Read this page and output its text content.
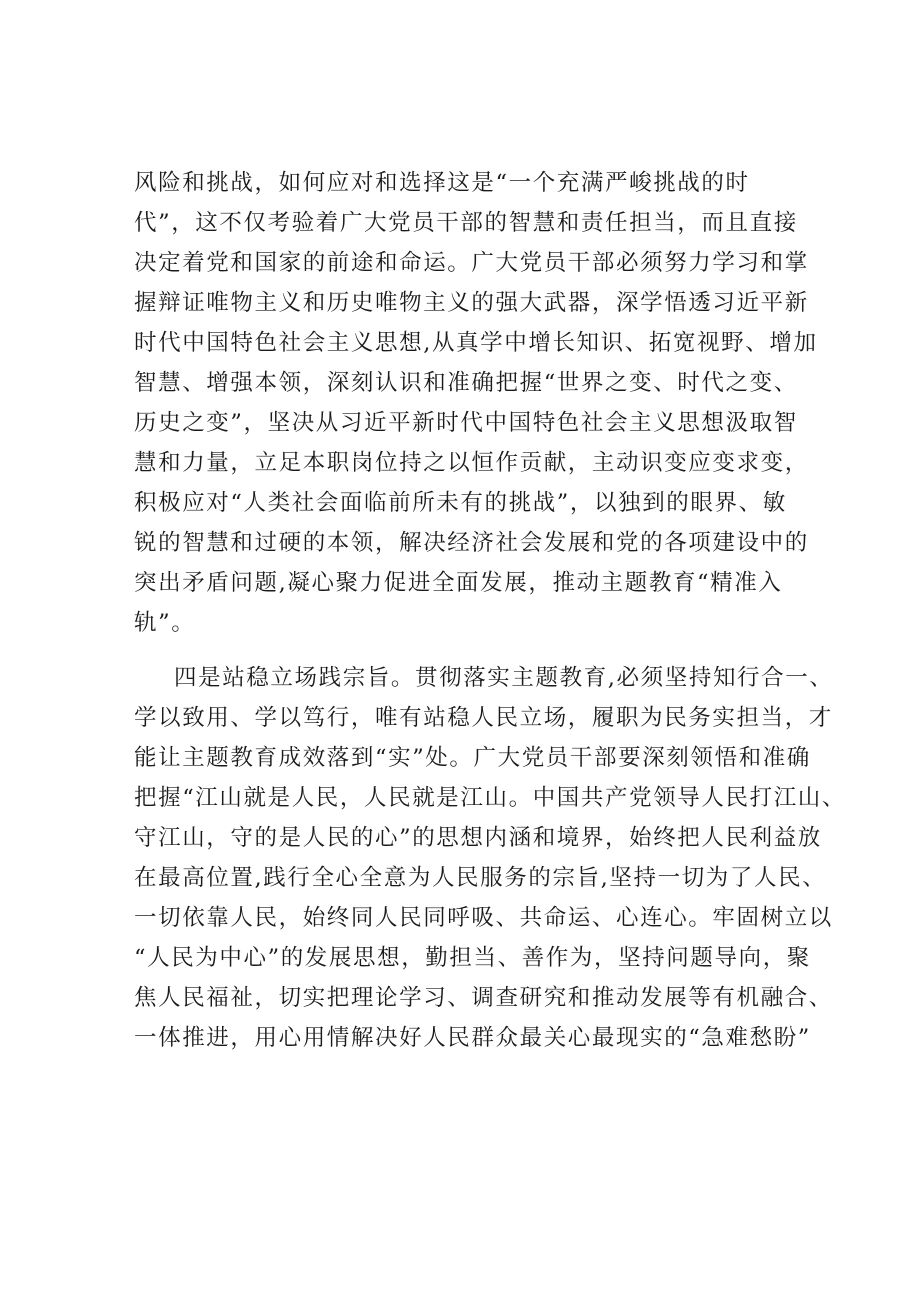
风险和挑战，如何应对和选择这是“一个充满严峻挑战的时
代”，这不仅考验着广大党员干部的智慧和责任担当，而且直接
决定着党和国家的前途和命运。广大党员干部必须努力学习和掌
握辩证唯物主义和历史唯物主义的强大武器，深学悟透习近平新
时代中国特色社会主义思想,从真学中增长知识、拓宽视野、增加
智慧、增强本领，深刻认识和准确把握“世界之变、时代之变、
历史之变”，坚决从习近平新时代中国特色社会主义思想汲取智
慧和力量，立足本职岗位持之以恒作贡献，主动识变应变求变，
积极应对“人类社会面临前所未有的挑战”，以独到的眼界、敏
锐的智慧和过硬的本领，解决经济社会发展和党的各项建设中的
突出矛盾问题,凝心聚力促进全面发展，推动主题教育“精准入
轨”。
四是站稳立场践宗旨。贯彻落实主题教育,必须坚持知行合一、
学以致用、学以笃行，唯有站稳人民立场，履职为民务实担当，才
能让主题教育成效落到“实”处。广大党员干部要深刻领悟和准确
把握“江山就是人民，人民就是江山。中国共产党领导人民打江山、
守江山，守的是人民的心”的思想内涵和境界，始终把人民利益放
在最高位置,践行全心全意为人民服务的宗旨,坚持一切为了人民、
一切依靠人民，始终同人民同呼吸、共命运、心连心。牢固树立以
“人民为中心”的发展思想，勤担当、善作为，坚持问题导向，聚
焦人民福祉，切实把理论学习、调查研究和推动发展等有机融合、
一体推进，用心用情解决好人民群众最关心最现实的“急难愁盼”
